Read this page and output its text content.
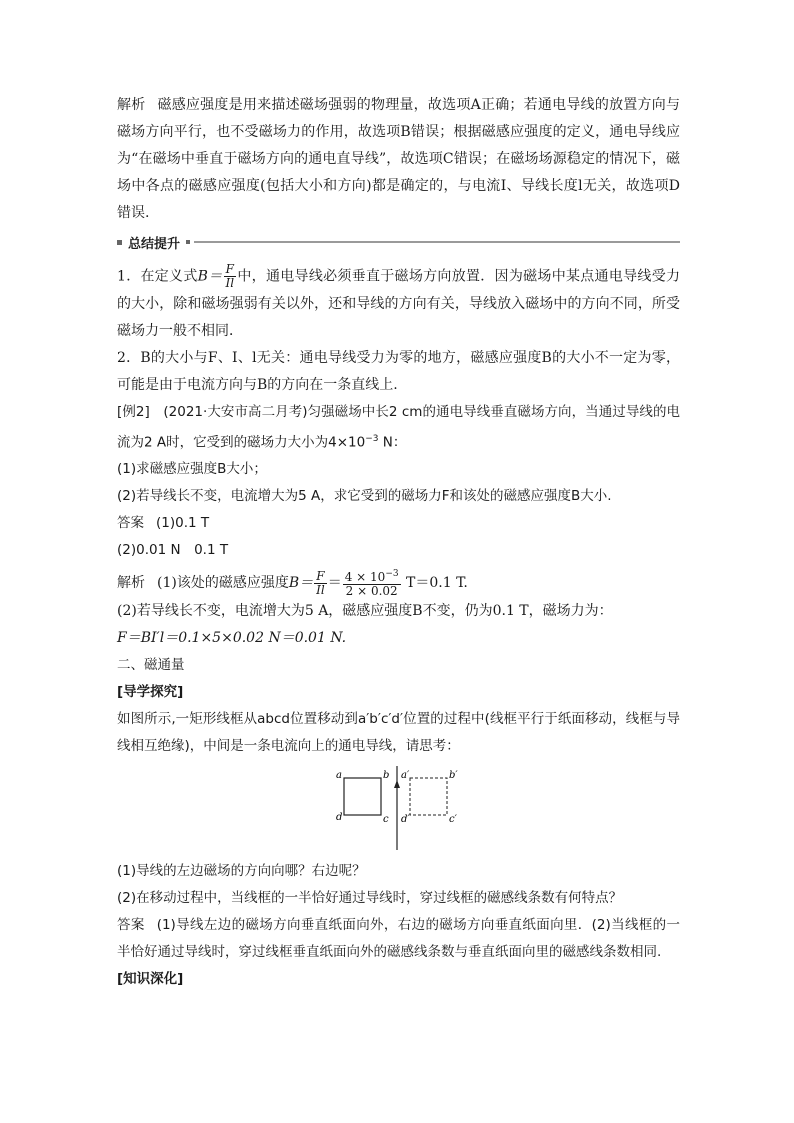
解析 磁感应强度是用来描述磁场强弱的物理量，故选项A正确；若通电导线的放置方向与磁场方向平行，也不受磁场力的作用，故选项B错误；根据磁感应强度的定义，通电导线应为“在磁场中垂直于磁场方向的通电直导线”，故选项C错误；在磁场场源稳定的情况下，磁场中各点的磁感应强度(包括大小和方向)都是确定的，与电流I、导线长度l无关，故选项D错误.

总结提升

1．在定义式$B= \frac{F}{Il}$ 中，通电导线必须垂直于磁场方向放置．因为磁场中某点通电导线受力的大小，除和磁场强弱有关以外，还和导线的方向有关，导线放入磁场中的方向不同，所受磁场力一般不相同．

2．B的大小与F、I、l无关：通电导线受力为零的地方，磁感应强度B的大小不一定为零，可能是由于电流方向与B的方向在一条直线上.

[例2]　 (2021·大安市高二月考)匀强磁场中长2 cm的通电导线垂直磁场方向，当通过导线的电流为2 A时，它受到的磁场力大小为$4\times 10^{-3}$ N：

(1)求磁感应强度B大小；

(2)若导线长不变，电流增大为5 A，求它受到的磁场力F和该处的磁感应强度B大小.

答案 (1)0.1 T

(2)0.01 N　0.1 T

解析 (1)该处的磁感应强度$B= \frac{F}{Il} = \frac{4 \times 10^{-3}}{2 \times 0.02} T=0.1$ T.

(2)若导线长不变，电流增大为5 A，磁感应强度B不变，仍为0.1 T，磁场力为：

F＝BI′l＝0.1×5×0.02 N＝0.01 N.

二、磁通量

[导学探究]

如图所示,一矩形线框从abcd位置移动到a′b′c′d′位置的过程中(线框平行于纸面移动，线框与导线相互绝缘)，中间是一条电流向上的通电导线，请思考：

a	b
d	c
a′	b′
d′	c′

(1)导线的左边磁场的方向向哪？右边呢？

(2)在移动过程中，当线框的一半恰好通过导线时，穿过线框的磁感线条数有何特点？

答案 (1)导线左边的磁场方向垂直纸面向外，右边的磁场方向垂直纸面向里．(2)当线框的一半恰好通过导线时，穿过线框垂直纸面向外的磁感线条数与垂直纸面向里的磁感线条数相同.

[知识深化]
